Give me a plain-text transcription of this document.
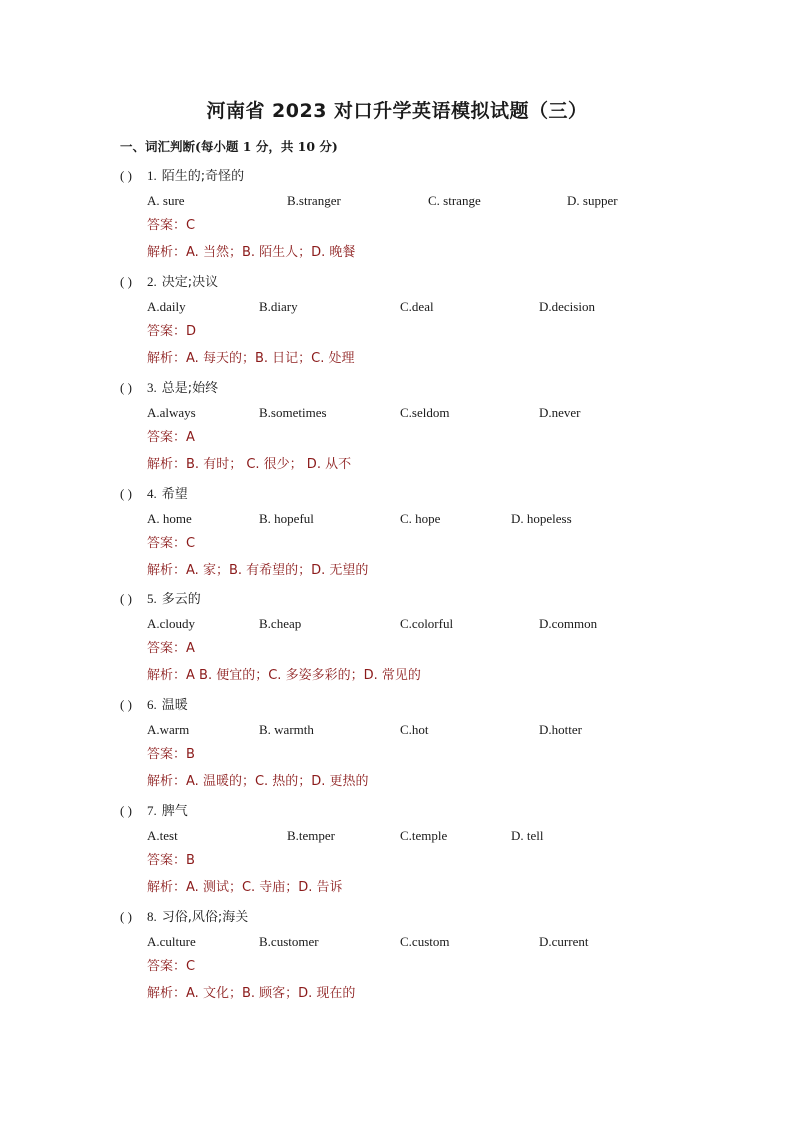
河南省 2023 对口升学英语模拟试题（三）
一、词汇判断(每小题 1 分，共 10 分)
( ) 1. 陌生的;奇怪的
A. sure	B.stranger	C. strange	D. supper
答案：C
解析：A. 当然；B. 陌生人；D. 晚餐
( ) 2. 决定;决议
A.daily	B.diary	C.deal	D.decision
答案：D
解析：A. 每天的；B. 日记；C. 处理
( ) 3. 总是;始终
A.always	B.sometimes	C.seldom	D.never
答案：A
解析：B. 有时； C. 很少； D. 从不
( ) 4. 希望
A. home	B. hopeful	C. hope	D. hopeless
答案：C
解析：A. 家；B. 有希望的；D. 无望的
( ) 5. 多云的
A.cloudy	B.cheap	C.colorful	D.common
答案：A
解析：A B. 便宜的；C. 多姿多彩的；D. 常见的
( ) 6. 温暖
A.warm	B. warmth	C.hot	D.hotter
答案：B
解析：A. 温暖的；C. 热的；D. 更热的
( ) 7. 脾气
A.test	B.temper	C.temple	D. tell
答案：B
解析：A. 测试；C. 寺庙；D. 告诉
( ) 8. 习俗,风俗;海关
A.culture	B.customer	C.custom	D.current
答案：C
解析：A. 文化；B. 顾客；D. 现在的
